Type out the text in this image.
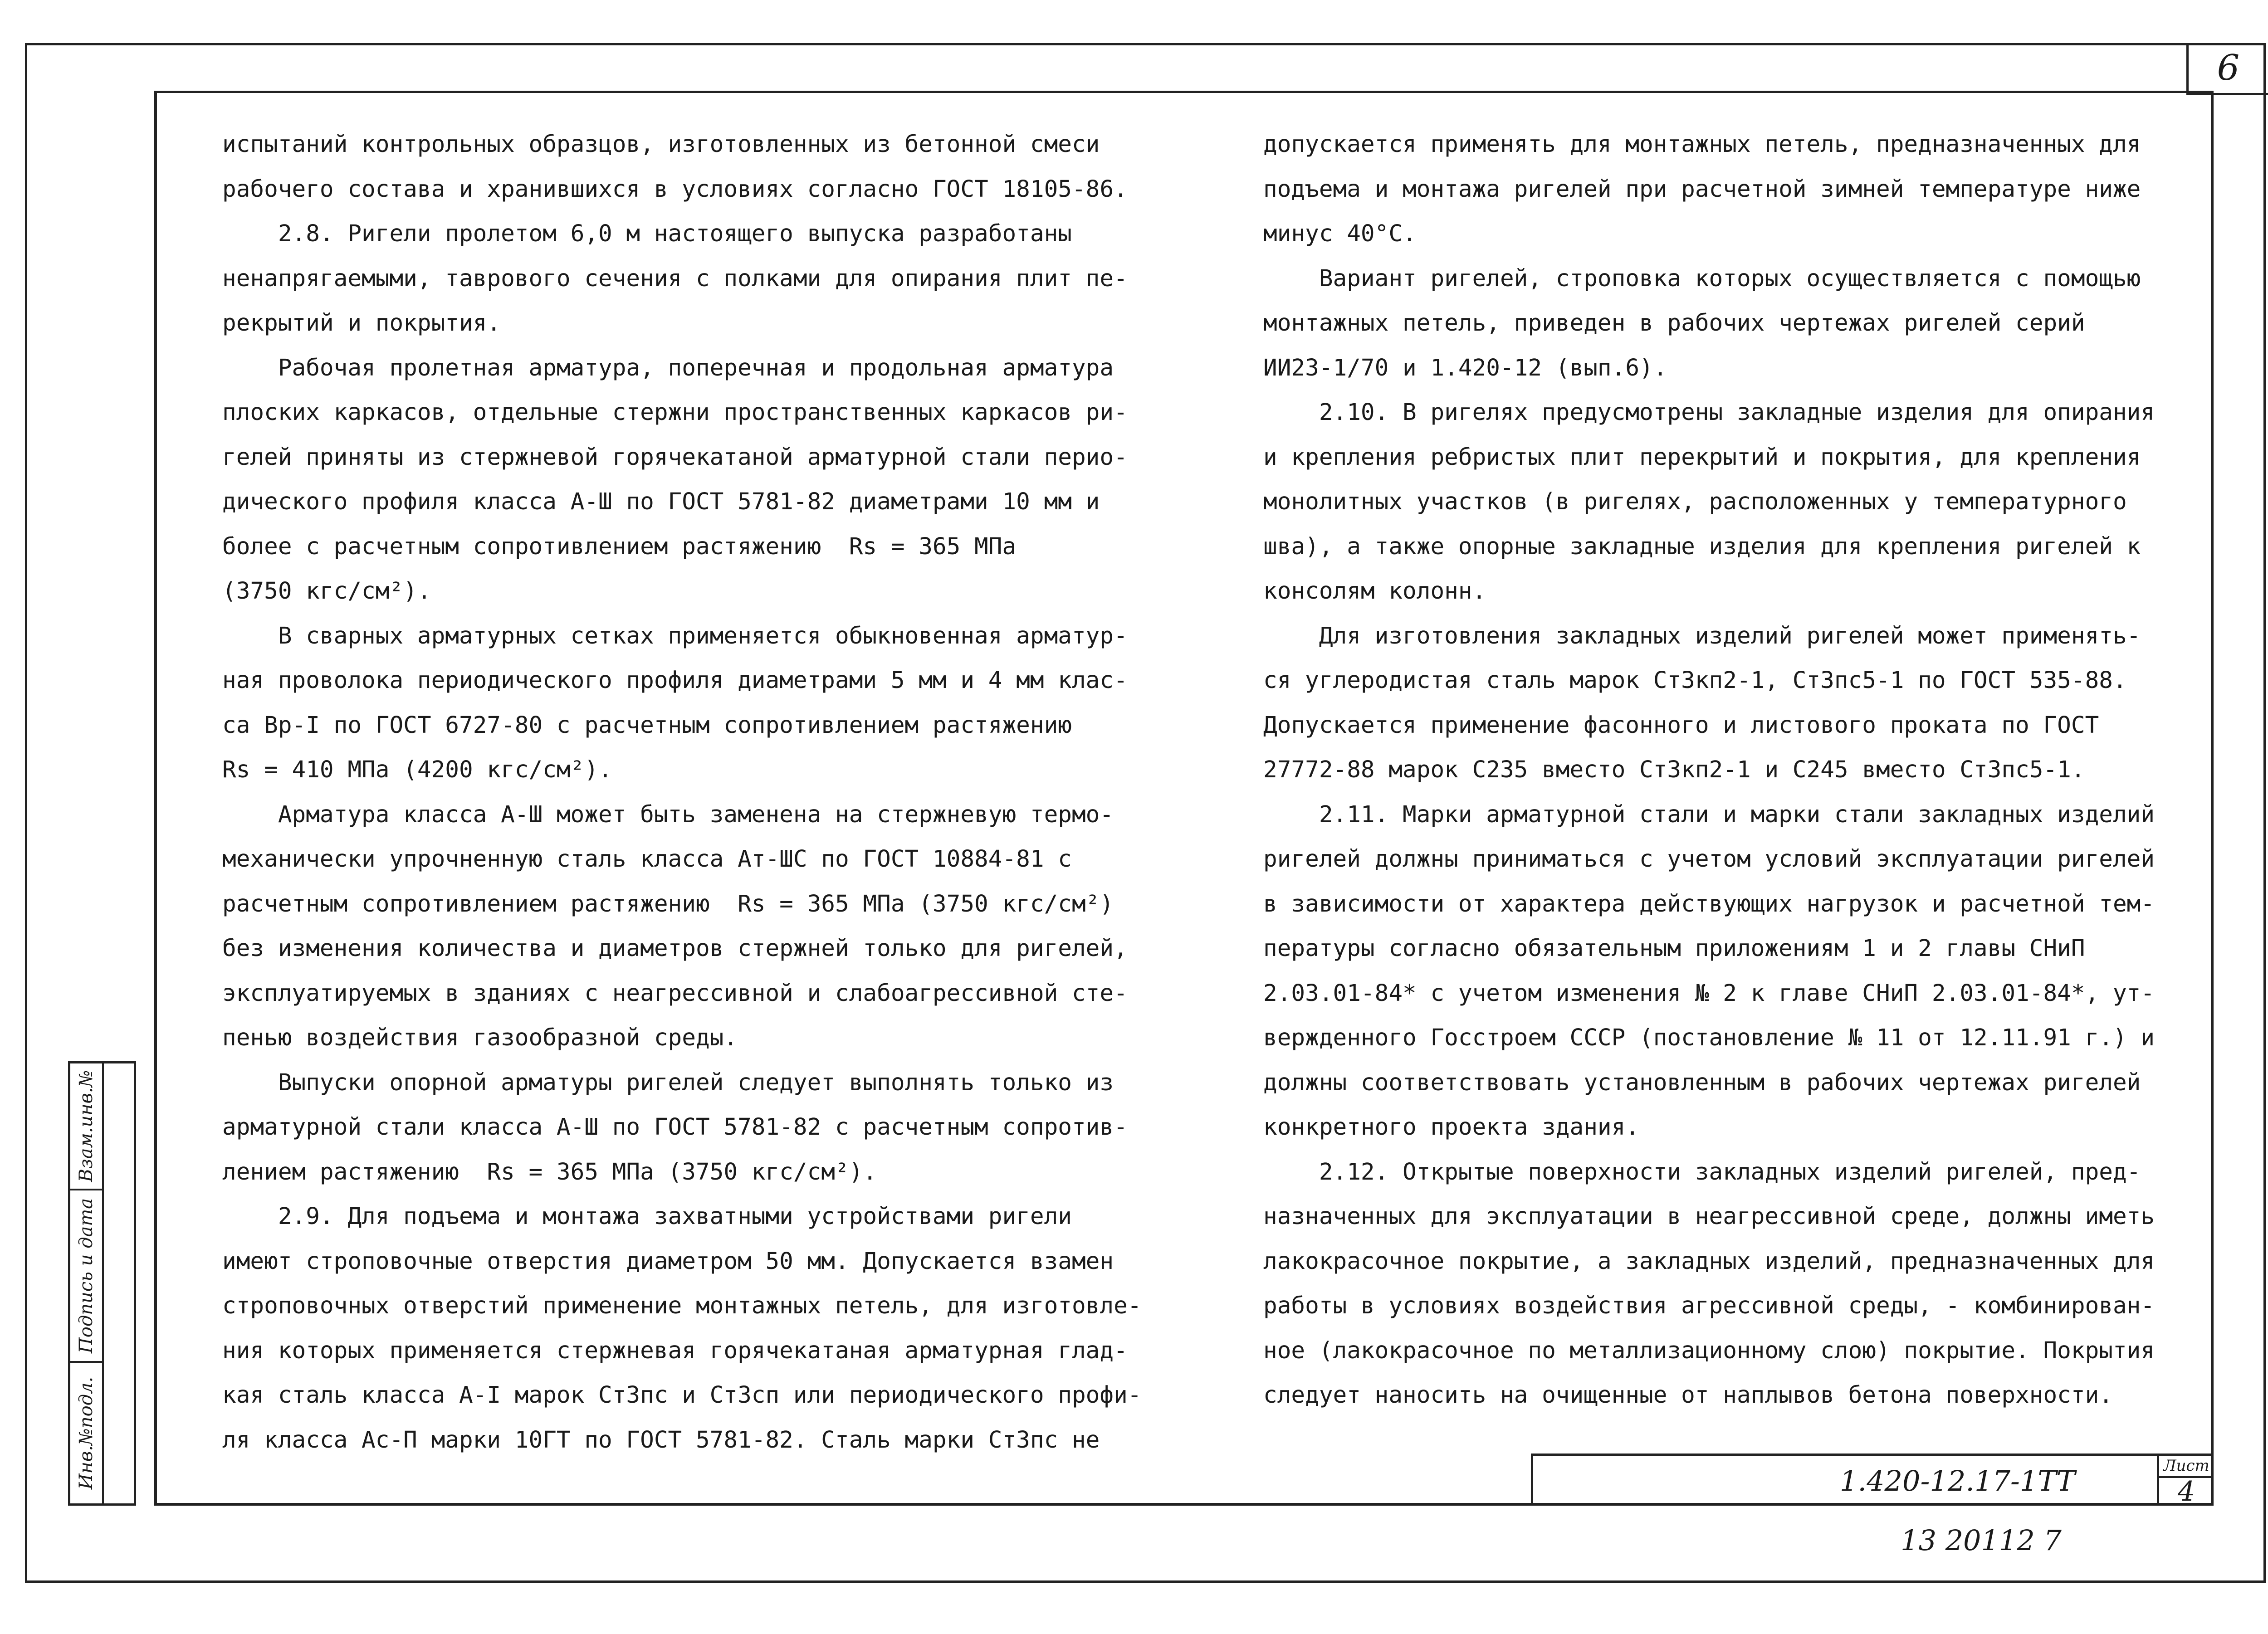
6
испытаний контрольных образцов, изготовленных из бетонной смеси
рабочего состава и хранившихся в условиях согласно ГОСТ 18105-86.
2.8. Ригели пролетом 6,0 м настоящего выпуска разработаны
ненапрягаемыми, таврового сечения с полками для опирания плит пе-
рекрытий и покрытия.
Рабочая пролетная арматура, поперечная и продольная арматура
плоских каркасов, отдельные стержни пространственных каркасов ри-
гелей приняты из стержневой горячекатаной арматурной стали перио-
дического профиля класса А-Ш по ГОСТ 5781-82 диаметрами 10 мм и
более с расчетным сопротивлением растяжению  Rs = 365 МПа
(3750 кгс/см²).
В сварных арматурных сетках применяется обыкновенная арматур-
ная проволока периодического профиля диаметрами 5 мм и 4 мм клас-
са Вр-I по ГОСТ 6727-80 с расчетным сопротивлением растяжению
Rs = 410 МПа (4200 кгс/см²).
Арматура класса А-Ш может быть заменена на стержневую термо-
механически упрочненную сталь класса Ат-ШС по ГОСТ 10884-81 с
расчетным сопротивлением растяжению  Rs = 365 МПа (3750 кгс/см²)
без изменения количества и диаметров стержней только для ригелей,
эксплуатируемых в зданиях с неагрессивной и слабоагрессивной сте-
пенью воздействия газообразной среды.
Выпуски опорной арматуры ригелей следует выполнять только из
арматурной стали класса А-Ш по ГОСТ 5781-82 с расчетным сопротив-
лением растяжению  Rs = 365 МПа (3750 кгс/см²).
2.9. Для подъема и монтажа захватными устройствами ригели
имеют строповочные отверстия диаметром 50 мм. Допускается взамен
строповочных отверстий применение монтажных петель, для изготовле-
ния которых применяется стержневая горячекатаная арматурная глад-
кая сталь класса А-I марок Ст3пс и Ст3сп или периодического профи-
ля класса Ас-П марки 10ГТ по ГОСТ 5781-82. Сталь марки Ст3пс не
допускается применять для монтажных петель, предназначенных для
подъема и монтажа ригелей при расчетной зимней температуре ниже
минус 40°С.
Вариант ригелей, строповка которых осуществляется с помощью
монтажных петель, приведен в рабочих чертежах ригелей серий
ИИ23-1/70 и 1.420-12 (вып.6).
2.10. В ригелях предусмотрены закладные изделия для опирания
и крепления ребристых плит перекрытий и покрытия, для крепления
монолитных участков (в ригелях, расположенных у температурного
шва), а также опорные закладные изделия для крепления ригелей к
консолям колонн.
Для изготовления закладных изделий ригелей может применять-
ся углеродистая сталь марок Ст3кп2-1, Ст3пс5-1 по ГОСТ 535-88.
Допускается применение фасонного и листового проката по ГОСТ
27772-88 марок С235 вместо Ст3кп2-1 и С245 вместо Ст3пс5-1.
2.11. Марки арматурной стали и марки стали закладных изделий
ригелей должны приниматься с учетом условий эксплуатации ригелей
в зависимости от характера действующих нагрузок и расчетной тем-
пературы согласно обязательным приложениям 1 и 2 главы СНиП
2.03.01-84* с учетом изменения № 2 к главе СНиП 2.03.01-84*, ут-
вержденного Госстроем СССР (постановление № 11 от 12.11.91 г.) и
должны соответствовать установленным в рабочих чертежах ригелей
конкретного проекта здания.
2.12. Открытые поверхности закладных изделий ригелей, пред-
назначенных для эксплуатации в неагрессивной среде, должны иметь
лакокрасочное покрытие, а закладных изделий, предназначенных для
работы в условиях воздействия агрессивной среды, - комбинирован-
ное (лакокрасочное по металлизационному слою) покрытие. Покрытия
следует наносить на очищенные от наплывов бетона поверхности.
Взам.инв.№
Подпись и дата
Инв.№подл.	1.420-12.17-1ТТ	Лист
4
13 20112 7
